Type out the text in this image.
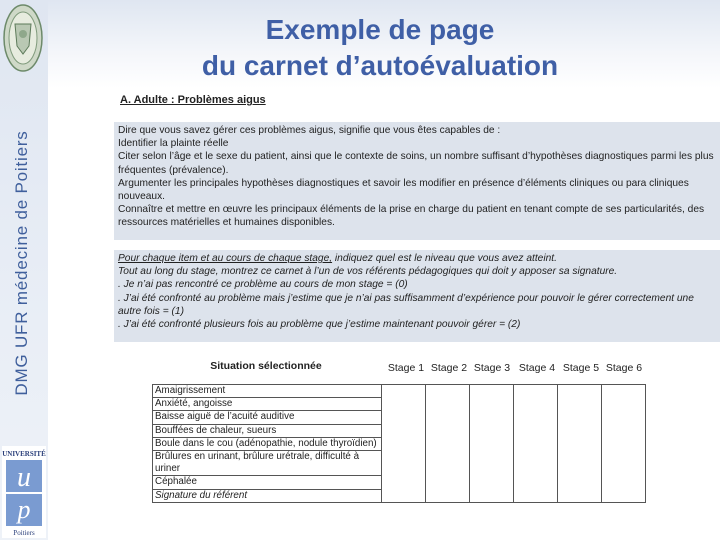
DMG UFR médecine de Poitiers
UNIVERSITÉ
u
p
Poitiers
Exemple de page
du carnet d’autoévaluation
A. Adulte : Problèmes aigus

Dire que vous savez gérer ces problèmes aigus, signifie que vous êtes capables de :

Identifier la plainte réelle

Citer selon l’âge et le sexe du patient, ainsi que le contexte de soins, un nombre suffisant d’hypothèses diagnostiques parmi les plus fréquentes (prévalence).

Argumenter les principales hypothèses diagnostiques et savoir les modifier en présence d’éléments cliniques ou para cliniques nouveaux.

Connaître et mettre en œuvre les principaux éléments de la prise en charge du patient en tenant compte de ses particularités, des ressources matérielles et humaines disponibles.

Pour chaque item et au cours de chaque stage, indiquez quel est le niveau que vous avez atteint.

Tout au long du stage, montrez ce carnet à l’un de vos référents pédagogiques qui doit y apposer sa signature.

. Je n’ai pas rencontré ce problème au cours de mon stage = (0)

. J’ai été confronté au problème mais j’estime que je n’ai pas suffisamment d’expérience pour pouvoir le gérer correctement une autre fois = (1)

. J’ai été confronté plusieurs fois au problème que j’estime maintenant pouvoir gérer = (2)

Situation sélectionnée	Stage 1 Stage 2 Stage 3 Stage 4 Stage 5 Stage 6
Amaigrissement						
Anxiété, angoisse
Baisse aiguë de l’acuité auditive
Bouffées de chaleur, sueurs
Boule dans le cou (adénopathie, nodule thyroïdien)
Brûlures en urinant, brûlure urétrale, difficulté à uriner
Céphalée
Signature du référent
